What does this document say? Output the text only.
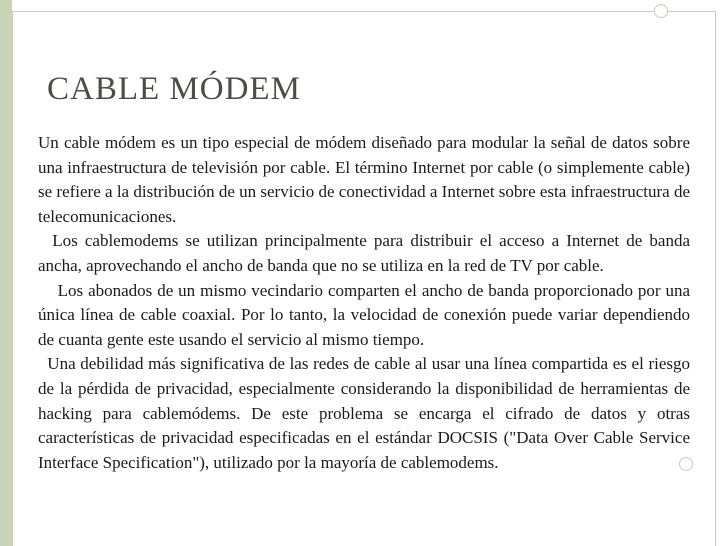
CABLE MÓDEM

Un cable módem es un tipo especial de módem diseñado para modular la señal de datos sobre una infraestructura de televisión por cable. El término Internet por cable (o simplemente cable) se refiere a la distribución de un servicio de conectividad a Internet sobre esta infraestructura de telecomunicaciones.

Los cablemodems se utilizan principalmente para distribuir el acceso a Internet de banda ancha, aprovechando el ancho de banda que no se utiliza en la red de TV por cable.

Los abonados de un mismo vecindario comparten el ancho de banda proporcionado por una única línea de cable coaxial. Por lo tanto, la velocidad de conexión puede variar dependiendo de cuanta gente este usando el servicio al mismo tiempo.

Una debilidad más significativa de las redes de cable al usar una línea compartida es el riesgo de la pérdida de privacidad, especialmente considerando la disponibilidad de herramientas de hacking para cablemódems. De este problema se encarga el cifrado de datos y otras características de privacidad especificadas en el estándar DOCSIS ("Data Over Cable Service Interface Specification"), utilizado por la mayoría de cablemodems.
